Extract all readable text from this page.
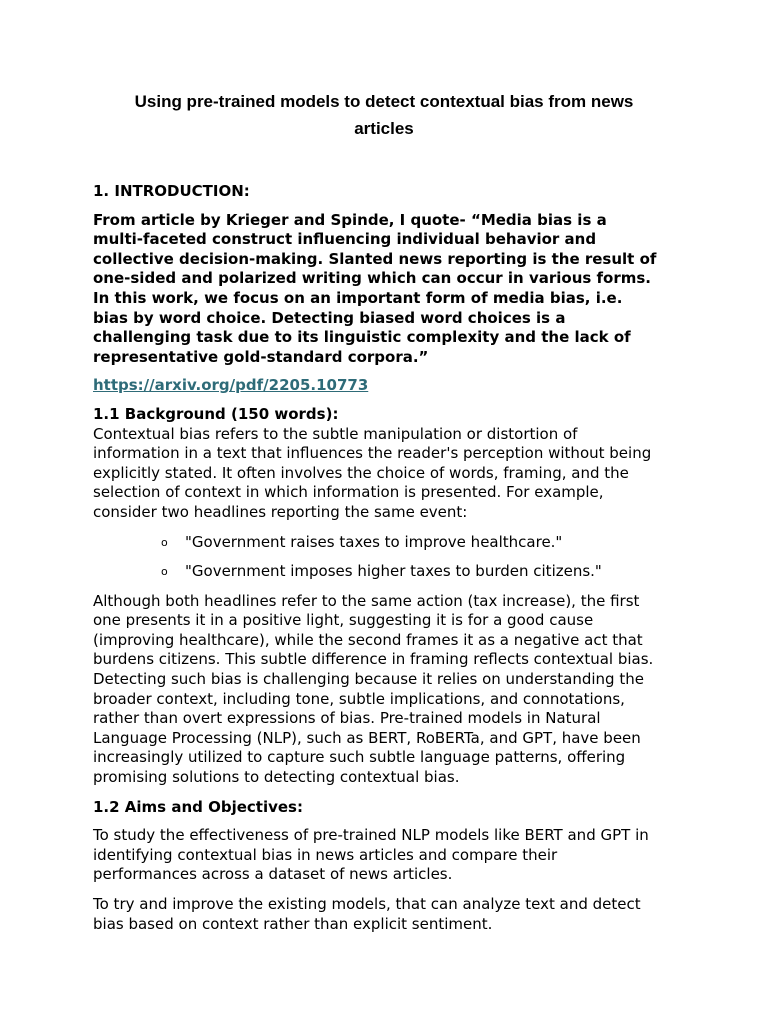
Using pre-trained models to detect contextual bias from news
articles
1. INTRODUCTION:
From article by Krieger and Spinde, I quote- “Media bias is a
multi-faceted construct influencing individual behavior and
collective decision-making. Slanted news reporting is the result of
one-sided and polarized writing which can occur in various forms.
In this work, we focus on an important form of media bias, i.e.
bias by word choice. Detecting biased word choices is a
challenging task due to its linguistic complexity and the lack of
representative gold-standard corpora.”
https://arxiv.org/pdf/2205.10773
1.1 Background (150 words):
Contextual bias refers to the subtle manipulation or distortion of
information in a text that influences the reader's perception without being
explicitly stated. It often involves the choice of words, framing, and the
selection of context in which information is presented. For example,
consider two headlines reporting the same event:
o "Government raises taxes to improve healthcare."
o "Government imposes higher taxes to burden citizens."
Although both headlines refer to the same action (tax increase), the first
one presents it in a positive light, suggesting it is for a good cause
(improving healthcare), while the second frames it as a negative act that
burdens citizens. This subtle difference in framing reflects contextual bias.
Detecting such bias is challenging because it relies on understanding the
broader context, including tone, subtle implications, and connotations,
rather than overt expressions of bias. Pre-trained models in Natural
Language Processing (NLP), such as BERT, RoBERTa, and GPT, have been
increasingly utilized to capture such subtle language patterns, offering
promising solutions to detecting contextual bias.
1.2 Aims and Objectives:
To study the effectiveness of pre-trained NLP models like BERT and GPT in
identifying contextual bias in news articles and compare their
performances across a dataset of news articles.
To try and improve the existing models, that can analyze text and detect
bias based on context rather than explicit sentiment.
